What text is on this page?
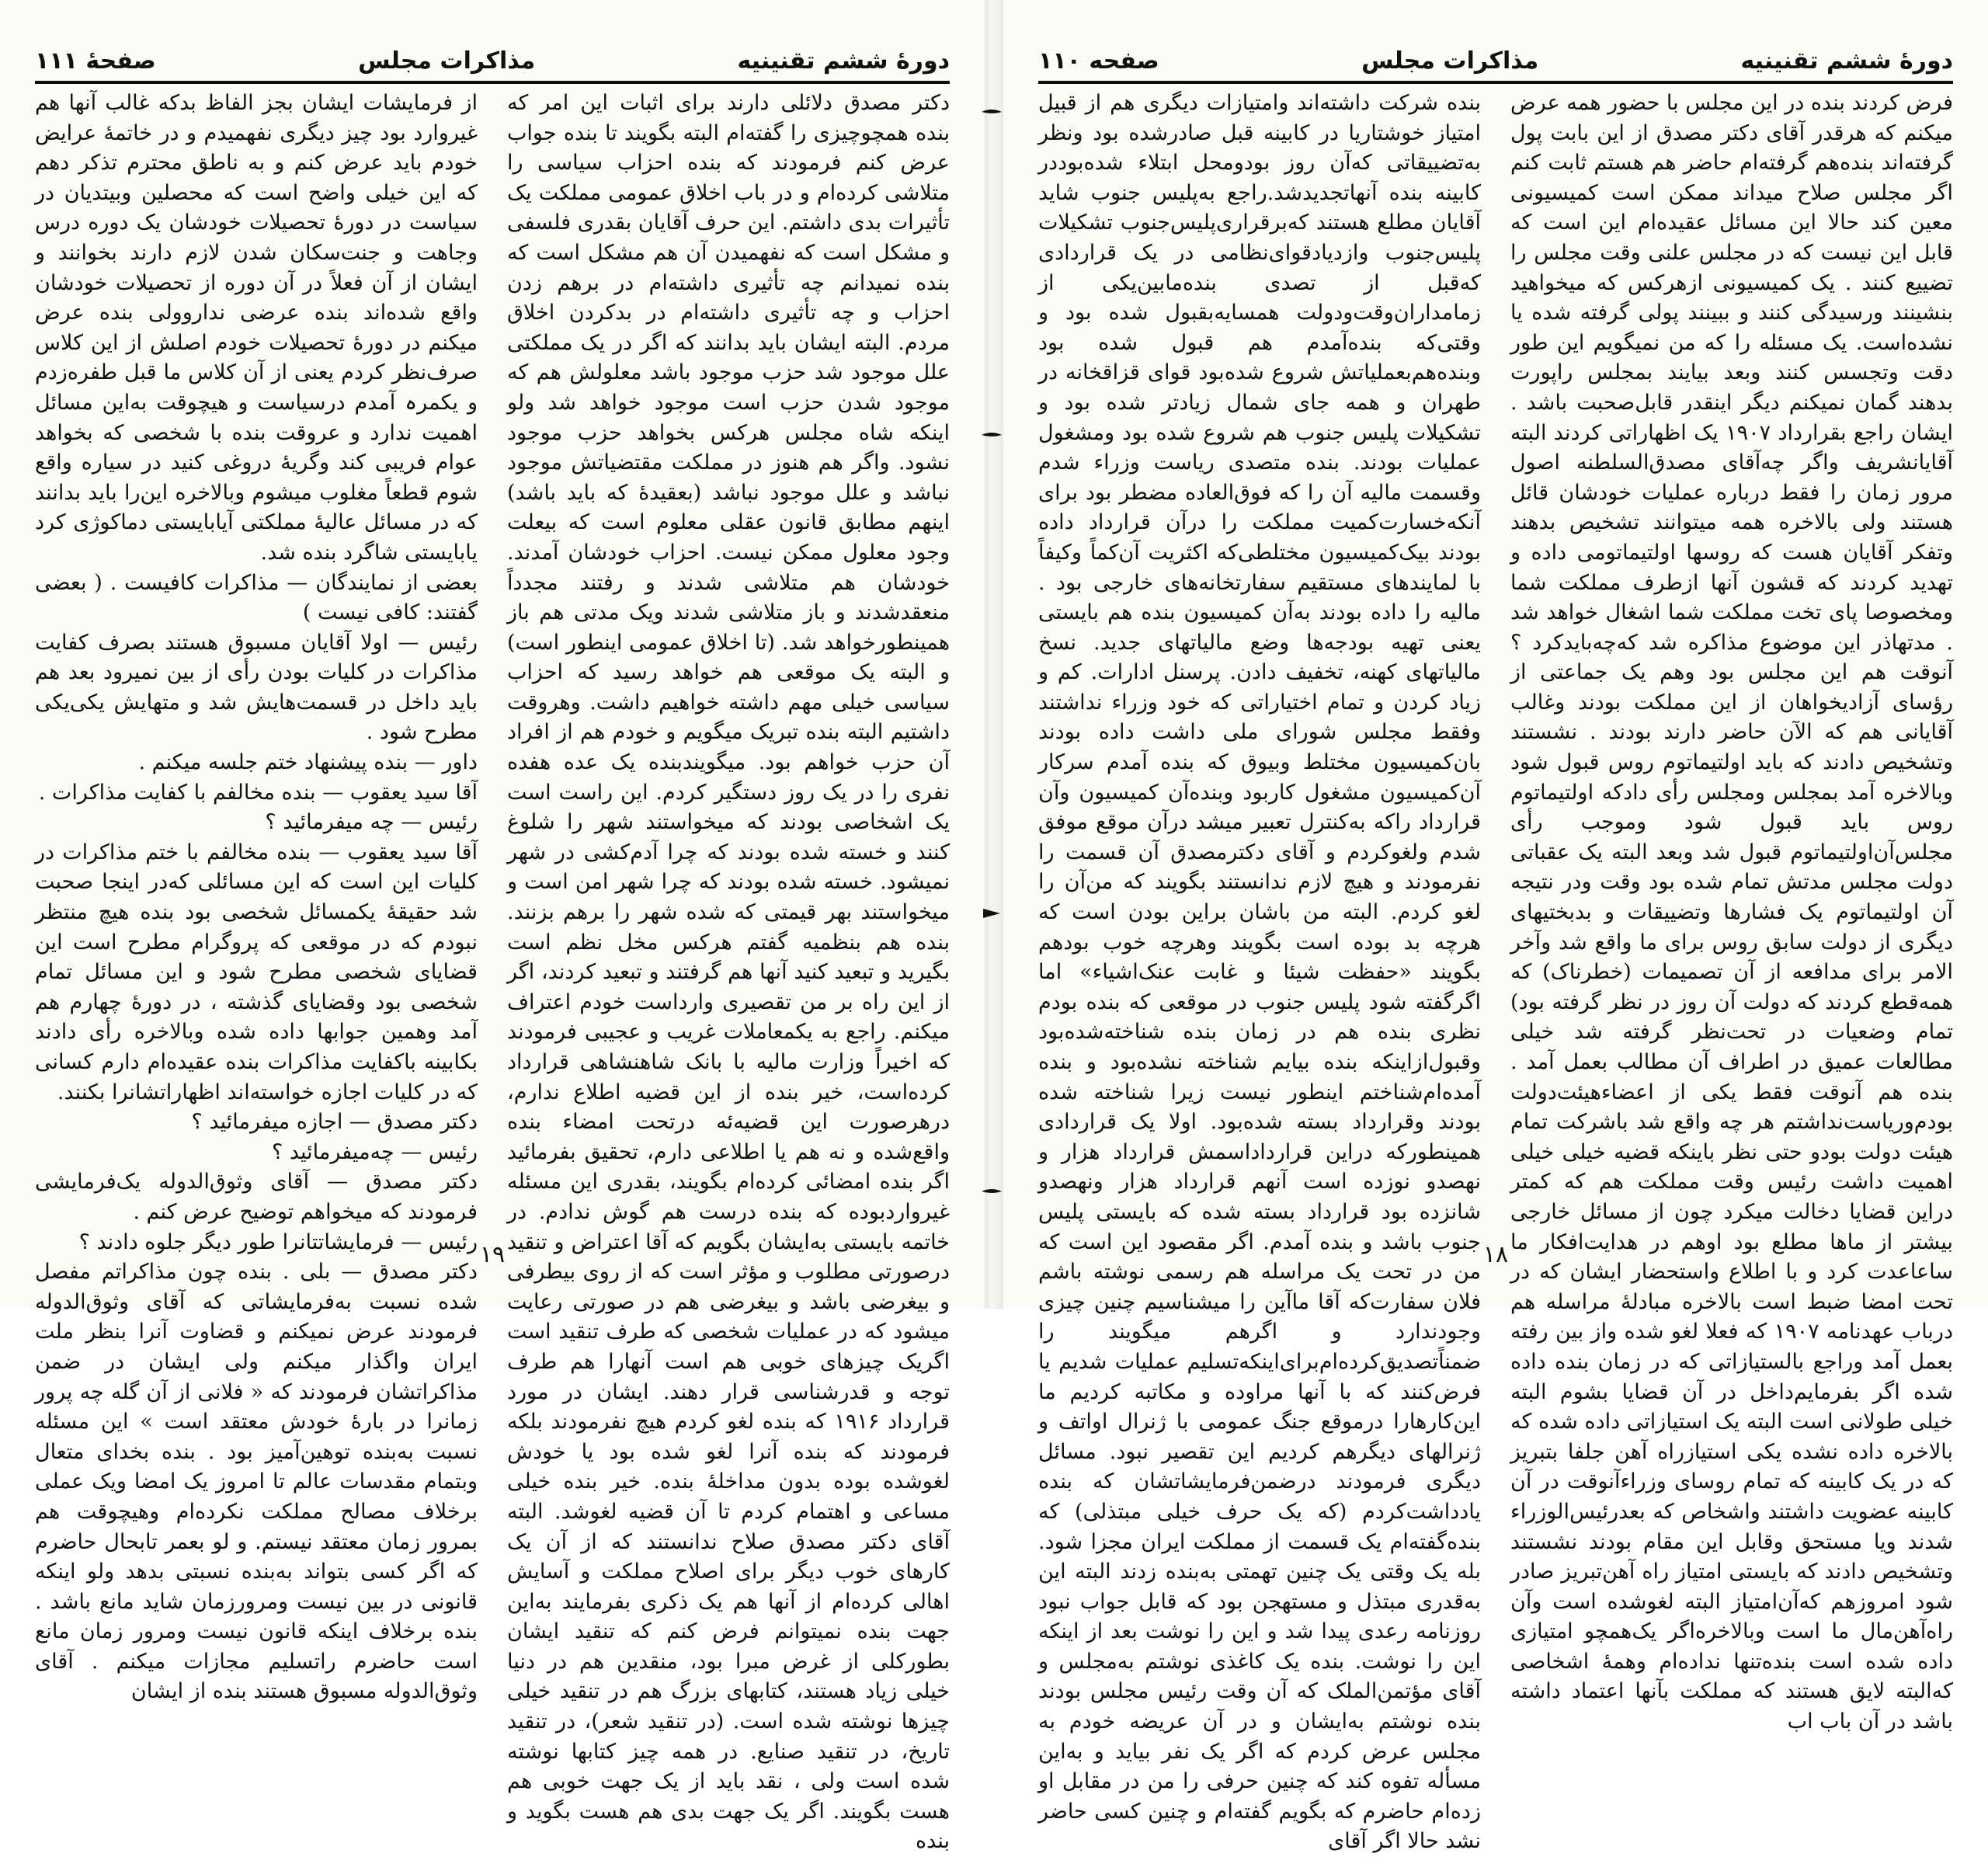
دورهٔ ششم تقنینیه
مذاکرات مجلس
صفحهٔ ۱۱۱

دکتر مصدق دلائلی دارند برای اثبات این امر که بنده همچوچیزی را گفته‌ام البته بگویند تا بنده جواب عرض کنم فرمودند که بنده احزاب سیاسی را متلاشی کرده‌ام و در باب اخلاق عمومی مملکت یک تأثیرات بدی داشتم. این حرف آقایان بقدری فلسفی و مشکل است که نفهمیدن آن هم مشکل است که بنده نمیدانم چه تأثیری داشته‌ام در برهم زدن احزاب و چه تأثیری داشته‌ام در بدکردن اخلاق مردم. البته ایشان باید بدانند که اگر در یک مملکتی علل موجود شد حزب موجود باشد معلولش هم که موجود شدن حزب است موجود خواهد شد ولو اینکه شاه مجلس هرکس بخواهد حزب موجود نشود. واگر هم هنوز در مملکت مقتضیاتش موجود نباشد و علل موجود نباشد (بعقیدهٔ که باید باشد) اینهم مطابق قانون عقلی معلوم است که بیعلت وجود معلول ممکن نیست. احزاب خودشان آمدند. خودشان هم متلاشی شدند و رفتند مجدداً منعقدشدند و باز متلاشی شدند ویک مدتی هم باز همینطورخواهد شد. (تا اخلاق عمومی اینطور است) و البته یک موقعی هم خواهد رسید که احزاب سیاسی خیلی مهم داشته خواهیم داشت. وهروقت داشتیم البته بنده تبریک میگویم و خودم هم از افراد آن حزب خواهم بود. میگویندبنده یک عده هفده نفری را در یک روز دستگیر کردم. این راست است یک اشخاصی بودند که میخواستند شهر را شلوغ کنند و خسته شده بودند که چرا آدم‌کشی در شهر نمیشود. خسته شده بودند که چرا شهر امن است و میخواستند بهر قیمتی که شده شهر را برهم بزنند. بنده هم بنظمیه گفتم هرکس مخل نظم است بگیرید و تبعید کنید آنها هم گرفتند و تبعید کردند، اگر از این راه بر من تقصیری وارداست خودم اعتراف میکنم. راجع به یکمعاملات غریب و عجیبی فرمودند که اخیراً وزارت مالیه با بانک شاهنشاهی قرارداد کرده‌است، خیر بنده از این قضیه اطلاع ندارم، درهرصورت این قضیه‌ئه درتحت امضاء بنده واقع‌شده و نه هم یا اطلاعی دارم، تحقیق بفرمائید اگر بنده امضائی کرده‌ام بگویند، بقدری این مسئله غیرواردبوده که بنده درست هم گوش ندادم. در خاتمه بایستی به‌ایشان بگویم که آقا اعتراض و تنقید درصورتی مطلوب و مؤثر است که از روی بیطرفی و بیغرضی باشد و بیغرضی هم در صورتی رعایت میشود که در عملیات شخصی که طرف تنقید است اگریک چیزهای خوبی هم است آنهارا هم طرف توجه و قدرشناسی قرار دهند. ایشان در مورد قرارداد ۱۹۱۶ که بنده لغو کردم هیچ نفرمودند بلکه فرمودند که بنده آنرا لغو شده بود یا خودش لغوشده بوده بدون مداخلهٔ بنده. خیر بنده خیلی مساعی و اهتمام کردم تا آن قضیه لغوشد. البته آقای دکتر مصدق صلاح ندانستند که از آن یک کارهای خوب دیگر برای اصلاح مملکت و آسایش اهالی کرده‌ام از آنها هم یک ذکری بفرمایند به‌این جهت بنده نمیتوانم فرض کنم که تنقید ایشان بطورکلی از غرض مبرا بود، منقدین هم در دنیا خیلی زیاد هستند، کتابهای بزرگ هم در تنقید خیلی چیزها نوشته شده است. (در تنقید شعر)، در تنقید تاریخ، در تنقید صنایع. در همه چیز کتابها نوشته شده است ولی ، نقد باید از یک جهت خوبی هم هست بگویند. اگر یک جهت بدی هم هست بگوید و بنده

از فرمایشات ایشان بجز الفاظ بدکه غالب آنها هم غیروارد بود چیز دیگری نفهمیدم و در خاتمهٔ عرایض خودم باید عرض کنم و به ناطق محترم تذکر دهم که این خیلی واضح است که محصلین وبیتدیان در سیاست در دورهٔ تحصیلات خودشان یک دوره درس وجاهت و جنت‌سکان شدن لازم دارند بخوانند و ایشان از آن فعلاً در آن دوره از تحصیلات خودشان واقع شده‌اند بنده عرضی نداروولی بنده عرض میکنم در دورهٔ تحصیلات خودم اصلش از این کلاس صرف‌نظر کردم یعنی از آن کلاس ما قبل طفره‌زدم و یکمرہ آمدم درسیاست و هیچوقت به‌این مسائل اهمیت ندارد و عروقت بنده با شخصی که بخواهد عوام فریبی کند وگریهٔ دروغی کنید در سیاره واقع شوم قطعاً مغلوب میشوم وبالاخره این‌را باید بدانند که در مسائل عالیهٔ مملکتی آیابایستی دماکوژی کرد یابایستی شاگرد بنده شد.
بعضی از نمایندگان — مذاکرات کافیست . ( بعضی گفتند: کافی نیست )
رئیس — اولا آقایان مسبوق هستند بصرف کفایت مذاکرات در کلیات بودن رأی از بین نمیرود بعد هم باید داخل در قسمت‌هایش شد و متهایش یکی‌یکی مطرح شود .
داور — بنده پیشنهاد ختم جلسه میکنم .
آقا سید یعقوب — بنده مخالفم با کفایت مذاکرات .
رئیس — چه میفرمائید ؟
آقا سید یعقوب — بنده مخالفم با ختم مذاکرات در کلیات این است که این مسائلی که‌در اینجا صحبت شد حقیقهٔ یکمسائل شخصی بود بنده هیچ منتظر نبودم که در موقعی که پروگرام مطرح است این قضایای شخصی مطرح شود و این مسائل تمام شخصی بود وقضایای گذشته ، در دورهٔ چهارم هم آمد وهمین جوابها داده شده وبالاخره رأی دادند بکابینه باکفایت مذاکرات بنده عقیده‌ام دارم کسانی که در کلیات اجازه خواسته‌اند اظهاراتشانرا بکنند.
دکتر مصدق — اجازه میفرمائید ؟
رئیس — چه‌میفرمائید ؟
دکتر مصدق — آقای وثوق‌الدوله یک‌فرمایشی فرمودند که میخواهم توضیح عرض کنم .
رئیس — فرمایشاتتانرا طور دیگر جلوه دادند ؟
دکتر مصدق — بلی . بنده چون مذاکراتم مفصل شده نسبت به‌فرمایشاتی که آقای وثوق‌الدوله فرمودند عرض نمیکنم و قضاوت آنرا بنظر ملت ایران واگذار میکنم ولی ایشان در ضمن مذاکراتشان فرمودند که « فلانی از آن گله چه پرور زمانرا در بارهٔ خودش معتقد است » این مسئله نسبت به‌بنده توهین‌آمیز بود . بنده بخدای متعال وبتمام مقدسات عالم تا امروز یک امضا ویک عملی برخلاف مصالح مملکت نکرده‌ام وهیچوقت هم بمرور زمان معتقد نیستم. و لو بعمر تابحال حاضرم که اگر کسی بتواند به‌بنده نسبتی بدهد ولو اینکه قانونی در بین نیست ومرورزمان شاید مانع باشد . بنده برخلاف اینکه قانون نیست ومرور زمان مانع است حاضرم راتسلیم مجازات میکنم . آقای وثوق‌الدوله مسبوق هستند بنده از ایشان

۱۹
دورهٔ ششم تقنینیه
مذاکرات مجلس
صفحه ۱۱۰

فرض کردند بنده در این مجلس با حضور همه عرض میکنم که هرقدر آقای دکتر مصدق از این بابت پول گرفته‌اند بنده‌هم گرفته‌ام حاضر هم هستم ثابت کنم اگر مجلس صلاح میداند ممکن است کمیسیونی معین کند حالا این مسائل عقیده‌ام این است که قابل این نیست که در مجلس علنی وقت مجلس را تضییع کنند . یک کمیسیونی ازهرکس که میخواهید بنشینند ورسیدگی کنند و ببینند پولی گرفته شده یا نشده‌است. یک مسئله را که من نمیگویم این طور دقت وتجسس کنند وبعد بیایند بمجلس راپورت بدهند گمان نمیکنم دیگر اینقدر قابل‌صحبت باشد . ایشان راجع بقرارداد ۱۹۰۷ یک اظهاراتی کردند البته آقایانشریف واگر چه‌آقای مصدق‌السلطنه اصول مرور زمان را فقط درباره عملیات خودشان قائل هستند ولی بالاخره همه میتوانند تشخیص بدهند وتفکر آقایان هست که روسها اولتیماتومی داده و تهدید کردند که قشون آنها ازطرف مملکت شما ومخصوصا پای تخت مملکت شما اشغال خواهد شد . مدتهاذر این موضوع مذاکره شد که‌چه‌بایدکرد ؟ آنوقت هم این مجلس بود وهم یک جماعتی از رؤسای آزادیخواهان از این مملکت بودند وغالب آقایانی هم که الآن حاضر دارند بودند . نشستند وتشخیص دادند که باید اولتیماتوم روس قبول شود وبالاخره آمد بمجلس ومجلس رأی دادکه اولتیماتوم روس باید قبول شود وموجب رأی مجلس‌آن‌اولتیماتوم قبول شد وبعد البته یک عقباتی دولت مجلس مدتش تمام شده بود وقت ودر نتیجه آن اولتیماتوم یک فشارها وتضییقات و بدبختیهای دیگری از دولت سابق روس برای ما واقع شد وآخر الامر برای مدافعه از آن تصمیمات (خطرناک) که همه‌قطع کردند که دولت آن روز در نظر گرفته بود) تمام وضعیات در تحت‌نظر گرفته شد خیلی مطالعات عمیق در اطراف آن مطالب بعمل آمد . بنده هم آنوقت فقط یکی از اعضاءهیئت‌دولت بودم‌ورياست‌نداشتم هر چه واقع شد باشرکت تمام هیئت دولت بودو حتی نظر باینکه قضیه خیلی خیلی اهمیت داشت رئیس وقت مملکت هم که کمتر دراین قضایا دخالت میکرد چون از مسائل خارجی بیشتر از ماها مطلع بود اوهم در هدایت‌افکار ما ساعاعدت کرد و با اطلاع واستحضار ایشان که در تحت امضا ضبط است بالاخره مبادلهٔ مراسله هم درباب عهدنامه ۱۹۰۷ که فعلا لغو شده واز بین رفته بعمل آمد وراجع بالستیازاتی که در زمان بنده داده شده اگر بفرمایم‌داخل در آن قضایا بشوم البته خیلی طولانی است البته یک استیازاتی داده شده که بالاخره داده نشده یکی استیازراه آهن جلفا بتبریز که در یک کابینه که تمام روسای وزراءآنوقت در آن کابینه عضویت داشتند واشخاص که بعدرئیس‌الوزراء شدند ویا مستحق وقابل این مقام بودند نشستند وتشخیص دادند که بایستی امتیاز راه آهن‌تبریز صادر شود امروزهم که‌آن‌امتیاز البته لغوشده است وآن راه‌آهن‌مال ما است وبالاخره‌اگر یک‌همچو امتیازی داده شده است بنده‌تنها نداده‌ام وهمهٔ اشخاصی که‌البته لایق هستند که مملکت بآنها اعتماد داشته باشد در آن باب اب

بنده شرکت داشته‌اند وامتیازات دیگری هم از قبیل امتیاز خوشتاریا در کابینه قبل صادرشده بود ونظر به‌تضییقاتی که‌آن روز بودومحل ابتلاء شده‌بوددر کابینه بنده آنها‌تجدید‌شد.راجع به‌پلیس جنوب شاید آقایان مطلع هستند که‌برقراری‌پلیس‌جنوب تشکیلات پلیس‌جنوب وازدیادقوای‌نظامی در یک قراردادی که‌قبل از تصدی بنده‌مابین‌یکی از زمامداران‌وقت‌ودولت همسایه‌بقبول شده بود و وقتی‌که بنده‌آمدم هم قبول شده بود وبنده‌هم‌بعملیاتش شروع شده‌بود قوای قزاقخانه در طهران و همه جای شمال زیادتر شده بود و تشکیلات پلیس جنوب هم شروع شده بود ومشغول عملیات بودند. بنده متصدی ریاست وزراء شدم وقسمت مالیه آن را که فوق‌العاده مضطر بود برای آنکه‌خسارت‌کمیت مملکت را درآن قرارداد داده بودند بیک‌کمیسیون مختلطی‌که اکثریت آن‌کماً وکیفاً با لمایندهای مستقیم سفارتخانه‌های خارجی بود . مالیه را داده بودند به‌آن کمیسیون بنده هم بایستی یعنی تهیه بودجه‌ها وضع مالیاتهای جدید. نسخ مالیاتهای کهنه، تخفیف دادن. پرسنل ادارات. کم و زیاد کردن و تمام اختیاراتی که خود وزراء نداشتند وفقط مجلس شورای ملی داشت داده بودند بان‌کمیسیون مختلط وبیوق که بنده آمدم سرکار آن‌کمیسیون مشغول کاربود وبنده‌آن کمیسیون وآن قرارداد راکه به‌کنترل تعبیر میشد درآن موقع موفق شدم ولغوکردم و آقای دکترمصدق آن قسمت را نفرمودند و هیچ لازم ندانستند بگویند که من‌آن را لغو کردم. البته من باشان براین بودن است که هرچه بد بوده است بگویند وهرچه خوب بودهم بگویند «حفظت شیئا و غابت عنک‌اشیاء» اما اگرگفته شود پلیس جنوب در موقعی که بنده بودم نظری بنده هم در زمان بنده شناخته‌شده‌بود وقبول‌ازاینکه بنده بیایم شناخته نشده‌بود و بنده آمده‌ام‌شناختم اینطور نیست زیرا شناخته شده بودند وقرارداد بسته شده‌بود. اولا یک قراردادی همینطورکه دراین قرارداداسمش قرارداد هزار و نهصدو نوزده است آنهم قرارداد هزار ونهصدو شانزده بود قرارداد بسته شده که بایستی پلیس جنوب باشد و بنده آمدم. اگر مقصود این است که من در تحت یک مراسله هم رسمی نوشته باشم فلان سفارت‌که آقا ماآین را میشناسیم چنین چیزی وجودندارد و اگرهم میگویند را ضمناًتصدیق‌کرده‌ام‌برای‌اینکه‌تسلیم عملیات شدیم یا فرض‌کنند که با آنها مراوده و مکاتبه کردیم ما این‌کارهارا درموقع جنگ عمومی با ژنرال اواتف و ژنرالهای دیگرهم کردیم این تقصیر نبود. مسائل دیگری فرمودند درضمن‌فرمایشاتشان که بنده یادداشت‌کردم (که یک حرف خیلی مبتذلی) که بنده‌گفته‌ام یک قسمت از مملکت ایران مجزا شود. بله یک وقتی یک چنین تهمتی به‌بنده زدند البته این به‌قدری مبتذل و مستهجن بود که‌ قابل جواب نبود روزنامه رعدی پیدا شد و این را نوشت بعد از اینکه این را نوشت. بنده یک کاغذی نوشتم به‌مجلس و آقای مؤتمن‌الملک که آن وقت رئیس مجلس بودند بنده نوشتم به‌ایشان و در آن عریضه خودم به مجلس عرض کردم که اگر یک نفر بیاید و به‌این مسأله تفوه کند که چنین حرفی را من در مقابل او زده‌ام حاضرم که بگویم گفته‌ام و چنین کسی حاضر نشد حالا اگر آقای

۱۸
